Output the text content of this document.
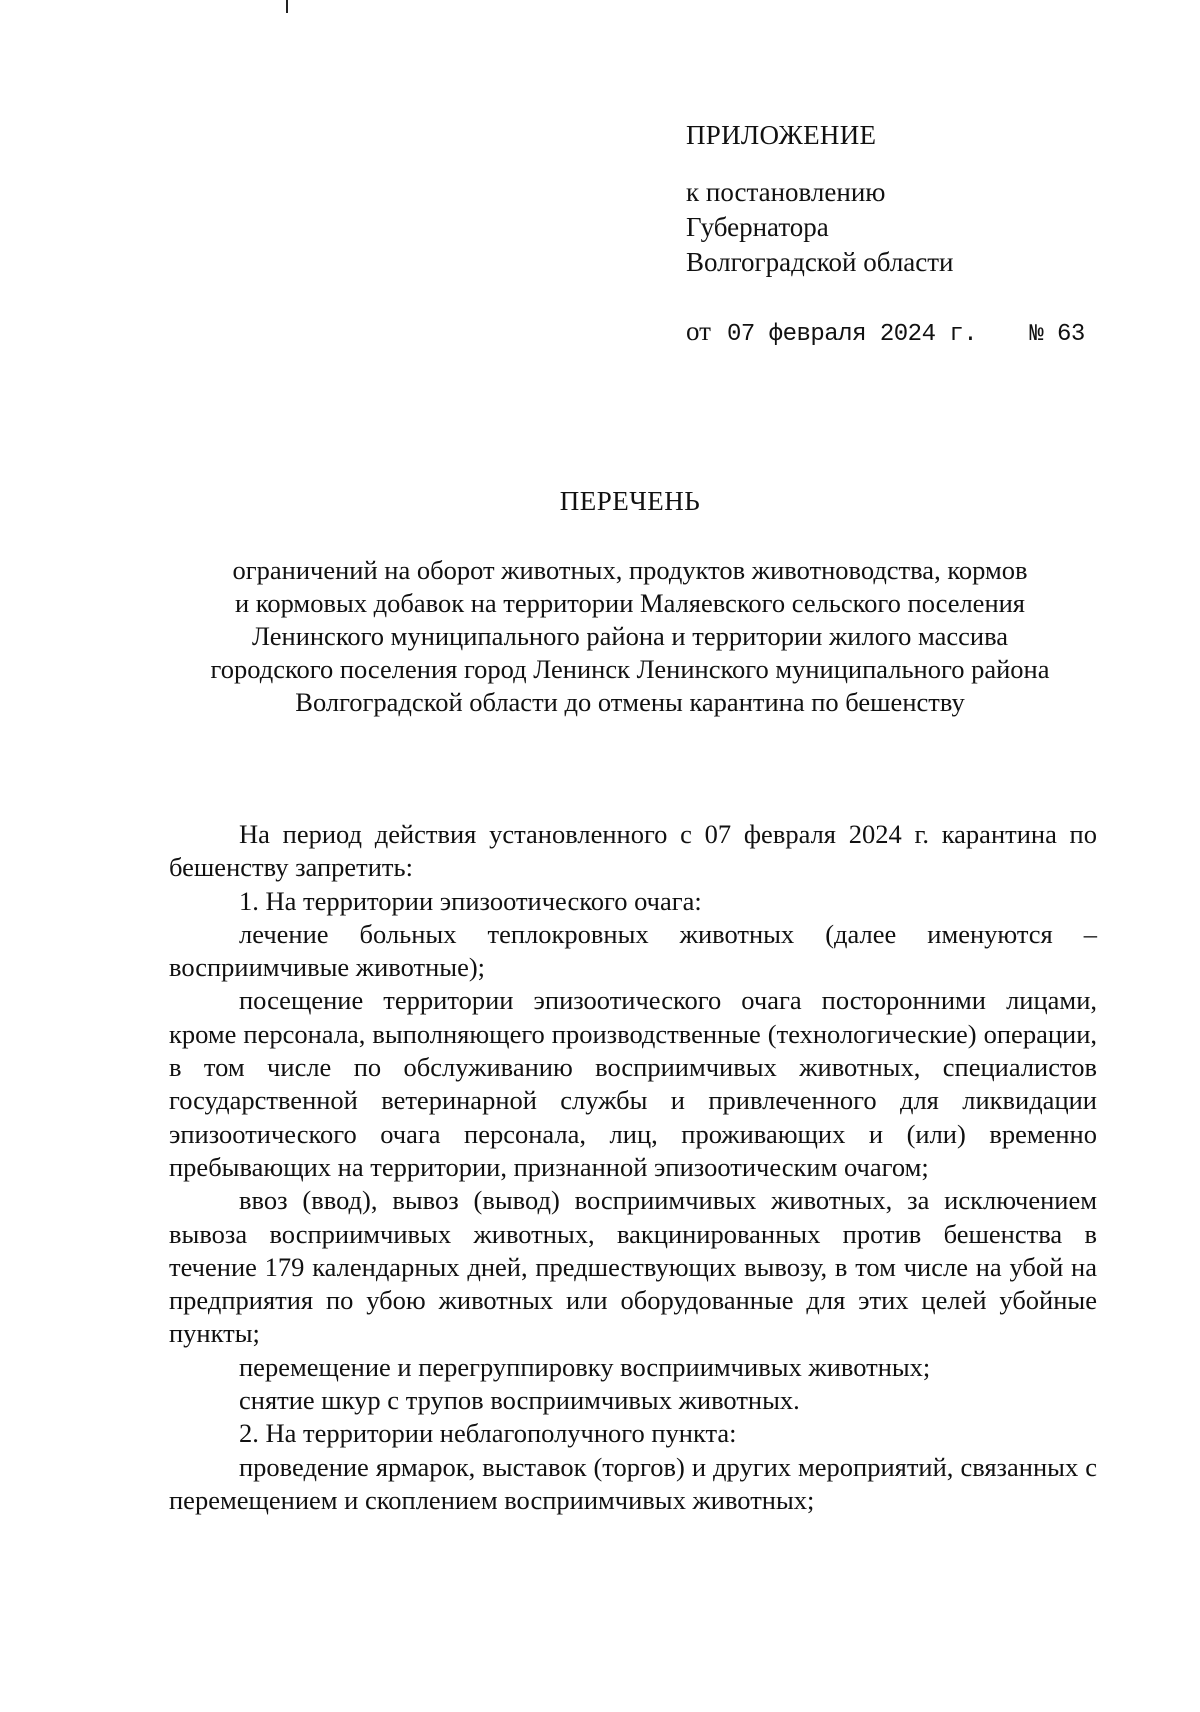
ПРИЛОЖЕНИЕ
к постановлению
Губернатора
Волгоградской области
от 07 февраля 2024 г. № 63
ПЕРЕЧЕНЬ
ограничений на оборот животных, продуктов животноводства, кормов
и кормовых добавок на территории Маляевского сельского поселения
Ленинского муниципального района и территории жилого массива
городского поселения город Ленинск Ленинского муниципального района
Волгоградской области до отмены карантина по бешенству

На период действия установленного с 07 февраля 2024 г. карантина по бешенству запретить:

1. На территории эпизоотического очага:

лечение больных теплокровных животных (далее именуются – восприимчивые животные);

посещение территории эпизоотического очага посторонними лицами, кроме персонала, выполняющего производственные (технологические) операции, в том числе по обслуживанию восприимчивых животных, специалистов государственной ветеринарной службы и привлеченного для ликвидации эпизоотического очага персонала, лиц, проживающих и (или) временно пребывающих на территории, признанной эпизоотическим очагом;

ввоз (ввод), вывоз (вывод) восприимчивых животных, за исключением вывоза восприимчивых животных, вакцинированных против бешенства в течение 179 календарных дней, предшествующих вывозу, в том числе на убой на предприятия по убою животных или оборудованные для этих целей убойные пункты;

перемещение и перегруппировку восприимчивых животных;

снятие шкур с трупов восприимчивых животных.

2. На территории неблагополучного пункта:

проведение ярмарок, выставок (торгов) и других мероприятий, связанных с перемещением и скоплением восприимчивых животных;
